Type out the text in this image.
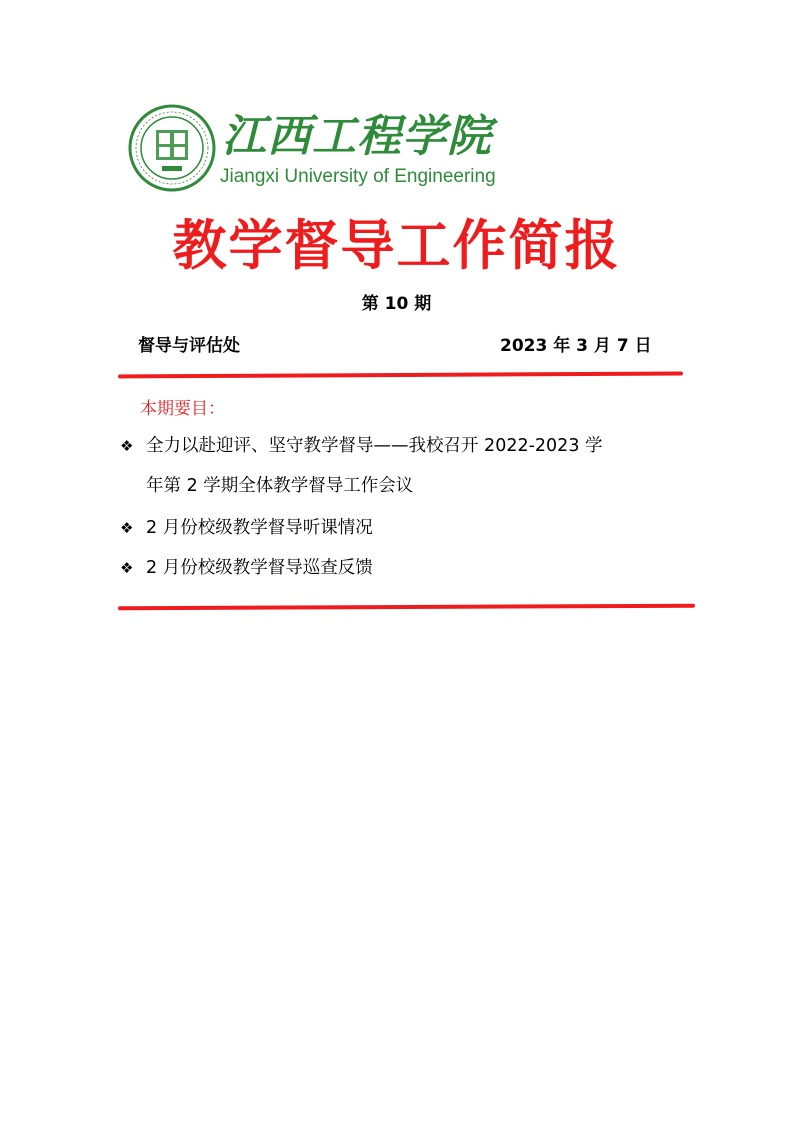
江西工程学院
Jiangxi University of Engineering
教学督导工作简报
第 10 期
督导与评估处	2023 年 3 月 7 日
本期要目：
❖ 全力以赴迎评、坚守教学督导——我校召开 2022-2023 学
年第 2 学期全体教学督导工作会议
❖ 2 月份校级教学督导听课情况
❖ 2 月份校级教学督导巡查反馈
